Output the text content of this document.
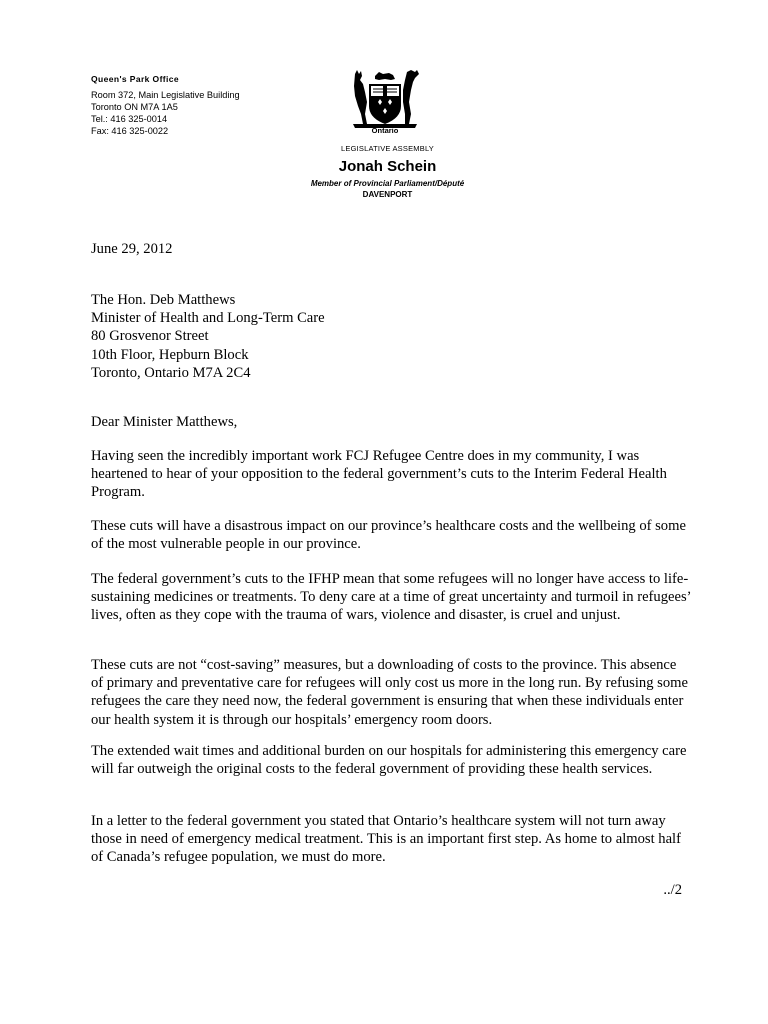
Queen's Park Office
Room 372, Main Legislative Building
Toronto ON M7A 1A5
Tel.: 416 325-0014
Fax: 416 325-0022	Ontario
LEGISLATIVE ASSEMBLY
Jonah Schein
Member of Provincial Parliament/Député
DAVENPORT
June 29, 2012
The Hon. Deb Matthews
Minister of Health and Long-Term Care
80 Grosvenor Street
10th Floor, Hepburn Block
Toronto, Ontario M7A 2C4
Dear Minister Matthews,

Having seen the incredibly important work FCJ Refugee Centre does in my community, I was heartened to hear of your opposition to the federal government’s cuts to the Interim Federal Health Program.

These cuts will have a disastrous impact on our province’s healthcare costs and the wellbeing of some of the most vulnerable people in our province.

The federal government’s cuts to the IFHP mean that some refugees will no longer have access to life-sustaining medicines or treatments. To deny care at a time of great uncertainty and turmoil in refugees’ lives, often as they cope with the trauma of wars, violence and disaster, is cruel and unjust.

These cuts are not “cost-saving” measures, but a downloading of costs to the province. This absence of primary and preventative care for refugees will only cost us more in the long run. By refusing some refugees the care they need now, the federal government is ensuring that when these individuals enter our health system it is through our hospitals’ emergency room doors.

The extended wait times and additional burden on our hospitals for administering this emergency care will far outweigh the original costs to the federal government of providing these health services.

In a letter to the federal government you stated that Ontario’s healthcare system will not turn away those in need of emergency medical treatment. This is an important first step. As home to almost half of Canada’s refugee population, we must do more.

../2
